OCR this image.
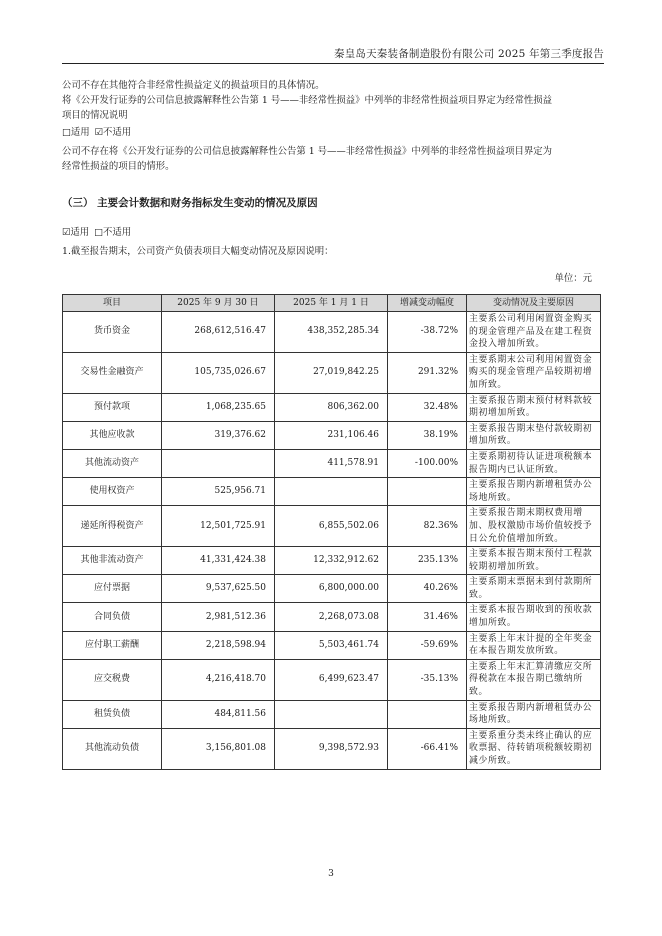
秦皇岛天秦装备制造股份有限公司 2025 年第三季度报告

公司不存在其他符合非经常性损益定义的损益项目的具体情况。

将《公开发行证券的公司信息披露解释性公告第 1 号——非经常性损益》中列举的非经常性损益项目界定为经常性损益

项目的情况说明

□适用 ☑不适用

公司不存在将《公开发行证券的公司信息披露解释性公告第 1 号——非经常性损益》中列举的非经常性损益项目界定为

经常性损益的项目的情形。

（三） 主要会计数据和财务指标发生变动的情况及原因
☑适用 □不适用

1.截至报告期末，公司资产负债表项目大幅变动情况及原因说明：

单位：元
项目	2025 年 9 月 30 日	2025 年 1 月 1 日	增减变动幅度	变动情况及主要原因
货币资金	268,612,516.47	438,352,285.34	-38.72%	主要系公司利用闲置资金购买的现金管理产品及在建工程资金投入增加所致。
交易性金融资产	105,735,026.67	27,019,842.25	291.32%	主要系期末公司利用闲置资金购买的现金管理产品较期初增加所致。
预付款项	1,068,235.65	806,362.00	32.48%	主要系报告期末预付材料款较期初增加所致。
其他应收款	319,376.62	231,106.46	38.19%	主要系报告期末垫付款较期初增加所致。
其他流动资产		411,578.91	-100.00%	主要系期初待认证进项税额本报告期内已认证所致。
使用权资产	525,956.71			主要系报告期内新增租赁办公场地所致。
递延所得税资产	12,501,725.91	6,855,502.06	82.36%	主要系报告期末期权费用增加、股权激励市场价值较授予日公允价值增加所致。
其他非流动资产	41,331,424.38	12,332,912.62	235.13%	主要系本报告期末预付工程款较期初增加所致。
应付票据	9,537,625.50	6,800,000.00	40.26%	主要系期末票据未到付款期所致。
合同负债	2,981,512.36	2,268,073.08	31.46%	主要系本报告期收到的预收款增加所致。
应付职工薪酬	2,218,598.94	5,503,461.74	-59.69%	主要系上年末计提的全年奖金在本报告期发放所致。
应交税费	4,216,418.70	6,499,623.47	-35.13%	主要系上年末汇算清缴应交所得税款在本报告期已缴纳所致。
租赁负债	484,811.56			主要系报告期内新增租赁办公场地所致。
其他流动负债	3,156,801.08	9,398,572.93	-66.41%	主要系重分类未终止确认的应收票据、待转销项税额较期初减少所致。
3
